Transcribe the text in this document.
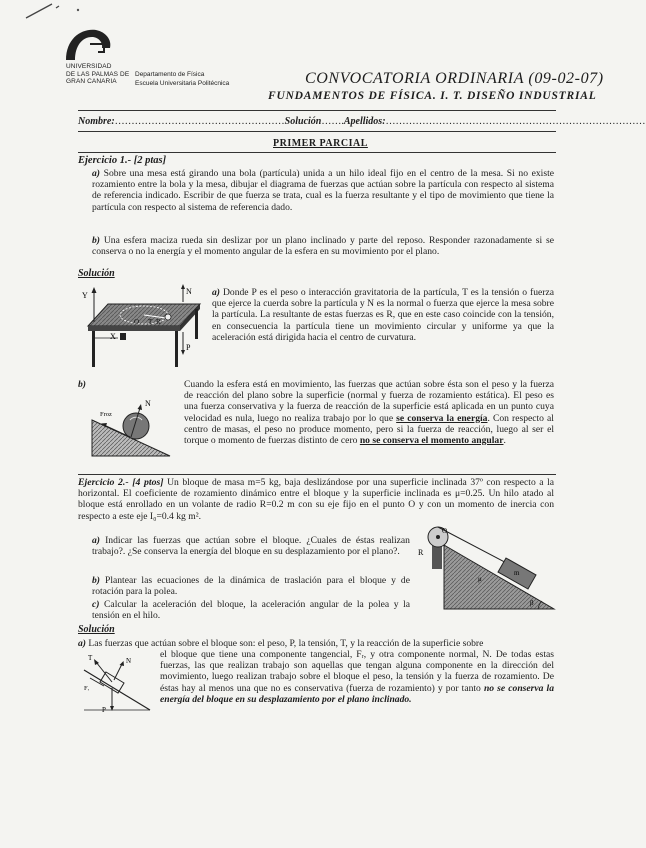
UNIVERSIDAD
DE LAS PALMAS DE
GRAN CANARIA
Departamento de Física
Escuela Universitaria Politécnica	CONVOCATORIA ORDINARIA (09-02-07)
FUNDAMENTOS DE FÍSICA. I. T. DISEÑO INDUSTRIAL
Nombre:……………………………………………Solución…….Apellidos:……………………………………………………………………
PRIMER PARCIAL
Ejercicio 1.- [2 ptas]
a) Sobre una mesa está girando una bola (partícula) unida a un hilo ideal fijo en el centro de la mesa. Si no existe rozamiento entre la bola y la mesa, dibujar el diagrama de fuerzas que actúan sobre la partícula con respecto al sistema de referencia indicado. Escribir de que fuerza se trata, cual es la fuerza resultante y el tipo de movimiento que tiene la partícula con respecto al sistema de referencia dado.
b) Una esfera maciza rueda sin deslizar por un plano inclinado y parte del reposo. Responder razonadamente si se conserva o no la energía y el momento angular de la esfera en su movimiento por el plano.
Solución
Y
X
O T R
N
P
a) Donde P es el peso o interacción gravitatoria de la partícula, T es la tensión o fuerza que ejerce la cuerda sobre la partícula y N es la normal o fuerza que ejerce la mesa sobre la partícula. La resultante de estas fuerzas es R, que en este caso coincide con la tensión, en consecuencia la partícula tiene un movimiento circular y uniforme ya que la aceleración está dirigida hacia el centro de curvatura.
b)
N
Froz
Cuando la esfera está en movimiento, las fuerzas que actúan sobre ésta son el peso y la fuerza de reacción del plano sobre la superficie (normal y fuerza de rozamiento estática). El peso es una fuerza conservativa y la fuerza de reacción de la superficie está aplicada en un punto cuya velocidad es nula, luego no realiza trabajo por lo que se conserva la energía. Con respecto al centro de masas, el peso no produce momento, pero si la fuerza de reacción, luego al ser el torque o momento de fuerzas distinto de cero no se conserva el momento angular.
Ejercicio 2.- [4 ptos] Un bloque de masa m=5 kg, baja deslizándose por una superficie inclinada 37º con respecto a la horizontal. El coeficiente de rozamiento dinámico entre el bloque y la superficie inclinada es μ=0.25. Un hilo atado al bloque está enrollado en un volante de radio R=0.2 m con su eje fijo en el punto O y con un momento de inercia con respecto a este eje I₀=0.4 kg m².
a) Indicar las fuerzas que actúan sobre el bloque. ¿Cuales de éstas realizan trabajo?. ¿Se conserva la energía del bloque en su desplazamiento por el plano?.
b) Plantear las ecuaciones de la dinámica de traslación para el bloque y de rotación para la polea.
c) Calcular la aceleración del bloque, la aceleración angular de la polea y la tensión en el hilo.
R
O
m
μ
β
Solución
a) Las fuerzas que actúan sobre el bloque son: el peso, P, la tensión, T, y la reacción de la superficie sobre
T	N
Fᵣ
P
el bloque que tiene una componente tangencial, Fᵣ, y otra componente normal, N. De todas estas fuerzas, las que realizan trabajo son aquellas que tengan alguna componente en la dirección del movimiento, luego realizan trabajo sobre el bloque el peso, la tensión y la fuerza de rozamiento. De éstas hay al menos una que no es conservativa (fuerza de rozamiento) y por tanto no se conserva la energía del bloque en su desplazamiento por el plano inclinado.
